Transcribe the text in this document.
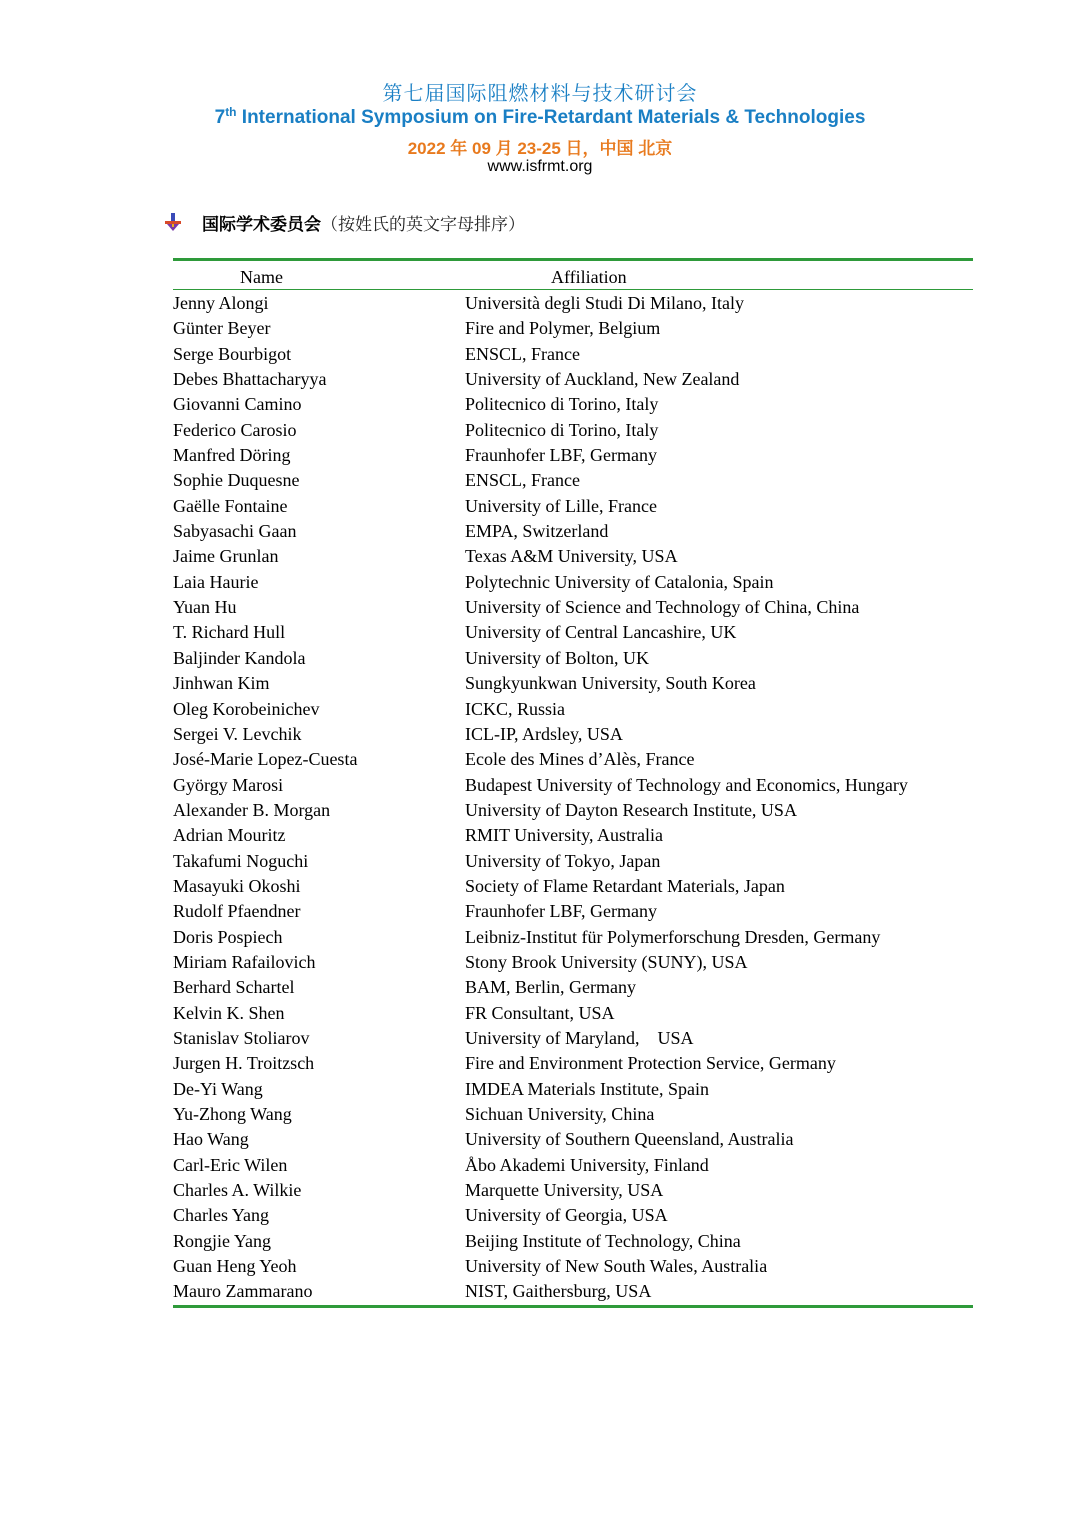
第七届国际阻燃材料与技术研讨会
7th International Symposium on Fire-Retardant Materials & Technologies
2022 年 09 月 23-25 日，中国 北京
www.isfrmt.org
国际学术委员会 （按姓氏的英文字母排序）
Name	Affiliation
Jenny Alongi	Università degli Studi Di Milano, Italy
Günter Beyer	Fire and Polymer, Belgium
Serge Bourbigot	ENSCL, France
Debes Bhattacharyya	University of Auckland, New Zealand
Giovanni Camino	Politecnico di Torino, Italy
Federico Carosio	Politecnico di Torino, Italy
Manfred Döring	Fraunhofer LBF, Germany
Sophie Duquesne	ENSCL, France
Gaëlle Fontaine	University of Lille, France
Sabyasachi Gaan	EMPA, Switzerland
Jaime Grunlan	Texas A&M University, USA
Laia Haurie	Polytechnic University of Catalonia, Spain
Yuan Hu	University of Science and Technology of China, China
T. Richard Hull	University of Central Lancashire, UK
Baljinder Kandola	University of Bolton, UK
Jinhwan Kim	Sungkyunkwan University, South Korea
Oleg Korobeinichev	ICKC, Russia
Sergei V. Levchik	ICL-IP, Ardsley, USA
José-Marie Lopez-Cuesta	Ecole des Mines d’Alès, France
György Marosi	Budapest University of Technology and Economics, Hungary
Alexander B. Morgan	University of Dayton Research Institute, USA
Adrian Mouritz	RMIT University, Australia
Takafumi Noguchi	University of Tokyo, Japan
Masayuki Okoshi	Society of Flame Retardant Materials, Japan
Rudolf Pfaendner	Fraunhofer LBF, Germany
Doris Pospiech	Leibniz-Institut für Polymerforschung Dresden, Germany
Miriam Rafailovich	Stony Brook University (SUNY), USA
Berhard Schartel	BAM, Berlin, Germany
Kelvin K. Shen	FR Consultant, USA
Stanislav Stoliarov	University of Maryland,    USA
Jurgen H. Troitzsch	Fire and Environment Protection Service, Germany
De-Yi Wang	IMDEA Materials Institute, Spain
Yu-Zhong Wang	Sichuan University, China
Hao Wang	University of Southern Queensland, Australia
Carl-Eric Wilen	Åbo Akademi University, Finland
Charles A. Wilkie	Marquette University, USA
Charles Yang	University of Georgia, USA
Rongjie Yang	Beijing Institute of Technology, China
Guan Heng Yeoh	University of New South Wales, Australia
Mauro Zammarano	NIST, Gaithersburg, USA
